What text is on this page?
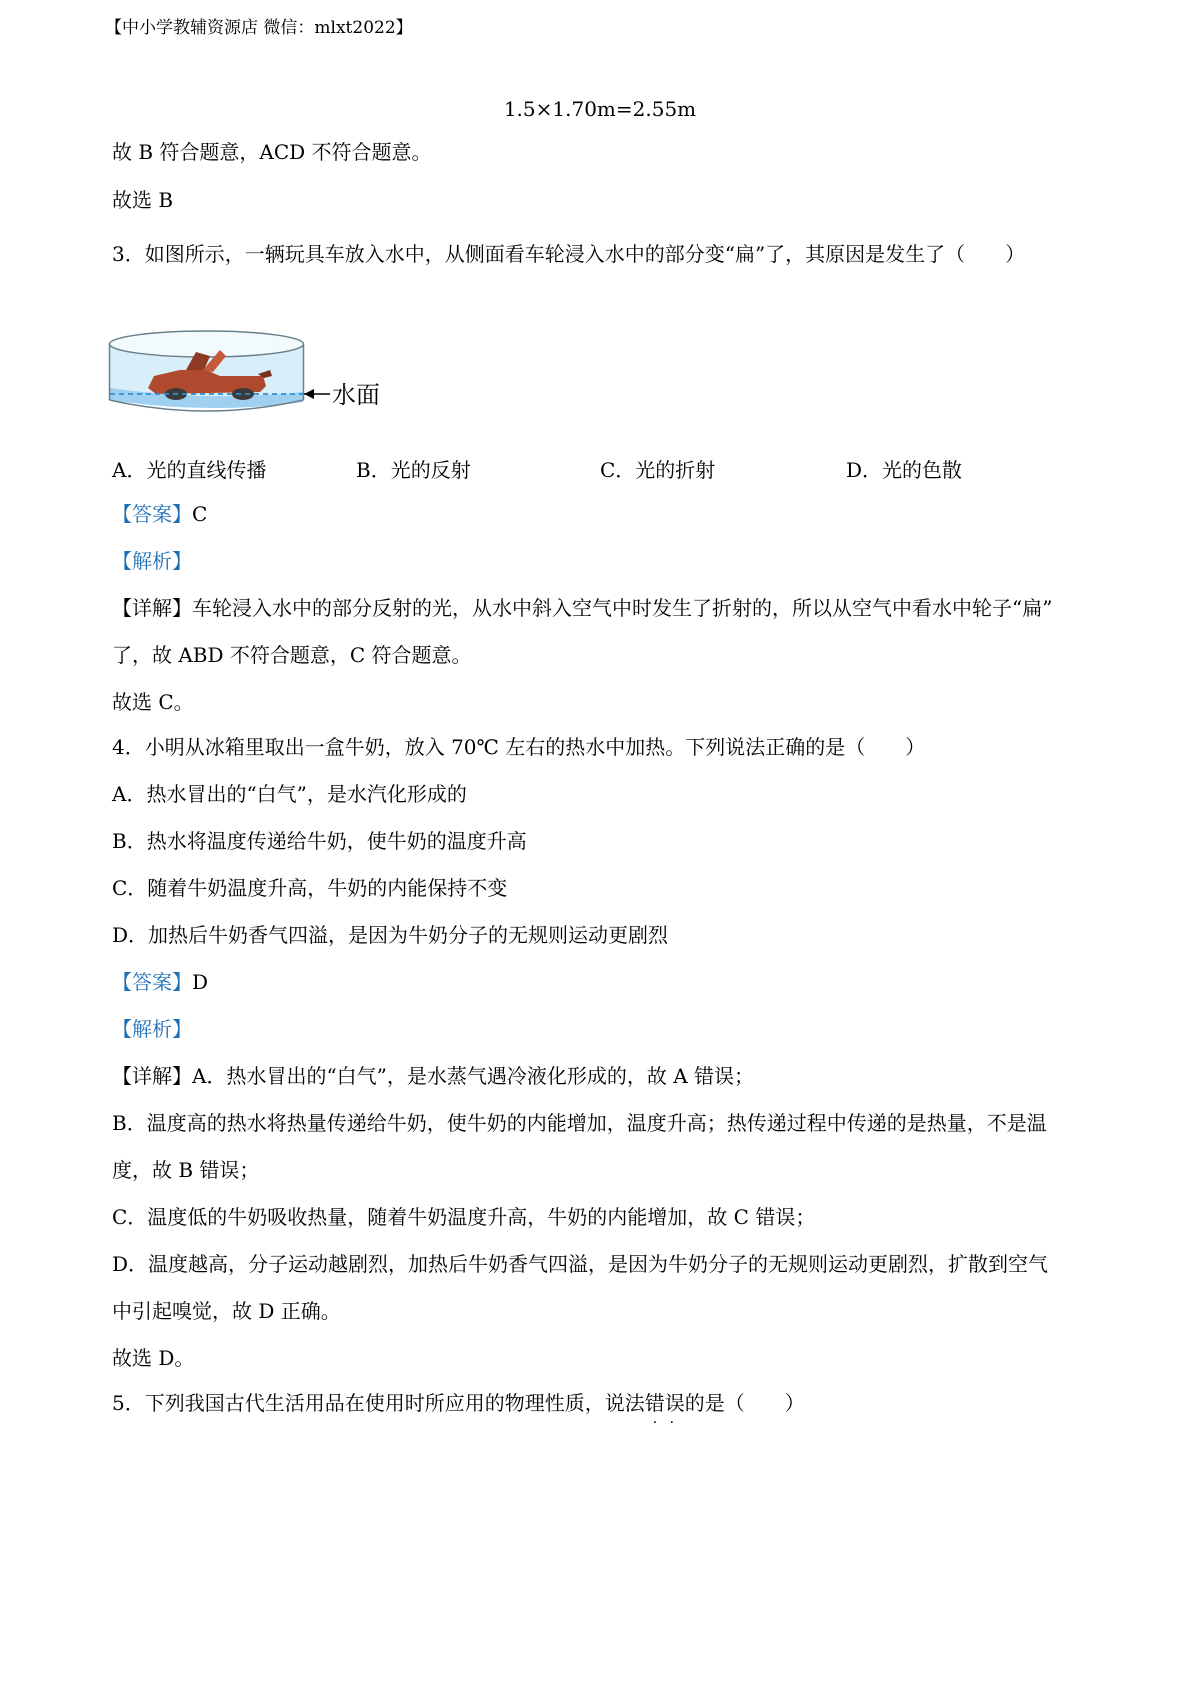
【中小学教辅资源店 微信：mlxt2022】
1.5×1.70m=2.55m
故 B 符合题意，ACD 不符合题意。
故选 B
3．如图所示，一辆玩具车放入水中，从侧面看车轮浸入水中的部分变“扁”了，其原因是发生了（　　）
水面
A．光的直线传播	B．光的反射	C．光的折射	D．光的色散
【答案】C
【解析】
【详解】车轮浸入水中的部分反射的光，从水中斜入空气中时发生了折射的，所以从空气中看水中轮子“扁”
了，故 ABD 不符合题意，C 符合题意。
故选 C。
4．小明从冰箱里取出一盒牛奶，放入 70℃ 左右的热水中加热。下列说法正确的是（　　）
A．热水冒出的“白气”，是水汽化形成的
B．热水将温度传递给牛奶，使牛奶的温度升高
C．随着牛奶温度升高，牛奶的内能保持不变
D．加热后牛奶香气四溢，是因为牛奶分子的无规则运动更剧烈
【答案】D
【解析】
【详解】A．热水冒出的“白气”，是水蒸气遇冷液化形成的，故 A 错误；
B．温度高的热水将热量传递给牛奶，使牛奶的内能增加，温度升高；热传递过程中传递的是热量，不是温
度，故 B 错误；
C．温度低的牛奶吸收热量，随着牛奶温度升高，牛奶的内能增加，故 C 错误；
D．温度越高，分子运动越剧烈，加热后牛奶香气四溢，是因为牛奶分子的无规则运动更剧烈，扩散到空气
中引起嗅觉，故 D 正确。
故选 D。
5．下列我国古代生活用品在使用时所应用的物理性质，说法错误 · ·的是（　　）
